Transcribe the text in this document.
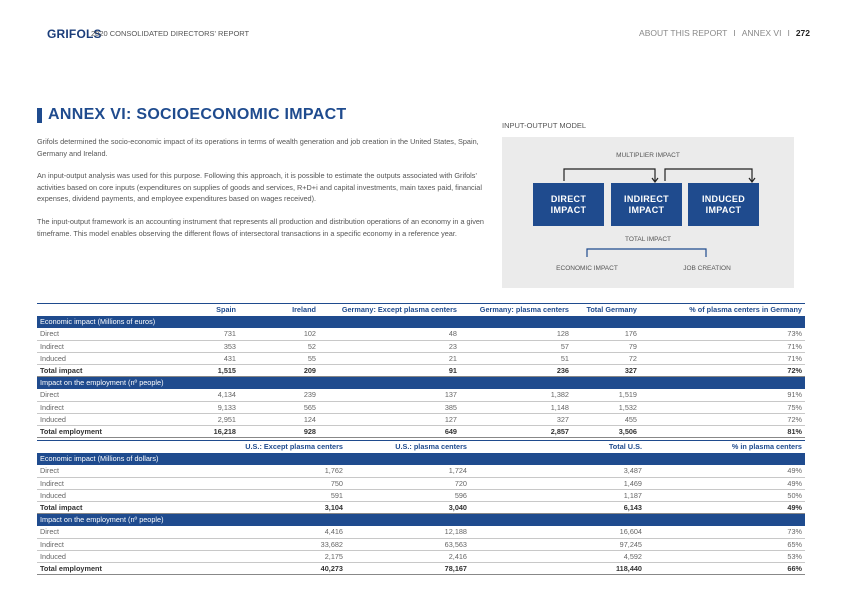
GRIFOLS
2020 CONSOLIDATED DIRECTORS' REPORT	ABOUT THIS REPORT I ANNEX VI I 272
ANNEX VI: SOCIOECONOMIC IMPACT

Grifols determined the socio-economic impact of its operations in terms of wealth generation and job creation in the United States, Spain, Germany and Ireland.

An input-output analysis was used for this purpose. Following this approach, it is possible to estimate the outputs associated with Grifols' activities based on core inputs (expenditures on supplies of goods and services, R+D+i and capital investments, main taxes paid, financial expenses, dividend payments, and employee expenditures based on wages received).

The input-output framework is an accounting instrument that represents all production and distribution operations of an economy in a given timeframe. This model enables observing the different flows of intersectoral transactions in a specific economy in a reference year.

INPUT-OUTPUT MODEL
MULTIPLIER IMPACT
DIRECT
IMPACT
INDIRECT
IMPACT
INDUCED
IMPACT
TOTAL IMPACT
ECONOMIC IMPACT	JOB CREATION
	Spain	Ireland	Germany: Except plasma centers	Germany: plasma centers	Total Germany	% of plasma centers in Germany
Economic impact (Millions of euros)						
Direct	731	102	48	128	176	73%
Indirect	353	52	23	57	79	71%
Induced	431	55	21	51	72	71%
Total impact	1,515	209	91	236	327	72%
Impact on the employment (nº people)						
Direct	4,134	239	137	1,382	1,519	91%
Indirect	9,133	565	385	1,148	1,532	75%
Induced	2,951	124	127	327	455	72%
Total employment	16,218	928	649	2,857	3,506	81%
	U.S.: Except plasma centers	U.S.: plasma centers	Total U.S.	% in plasma centers
Economic impact (Millions of dollars)				
Direct	1,762	1,724	3,487	49%
Indirect	750	720	1,469	49%
Induced	591	596	1,187	50%
Total impact	3,104	3,040	6,143	49%
Impact on the employment (nº people)				
Direct	4,416	12,188	16,604	73%
Indirect	33,682	63,563	97,245	65%
Induced	2,175	2,416	4,592	53%
Total employment	40,273	78,167	118,440	66%
